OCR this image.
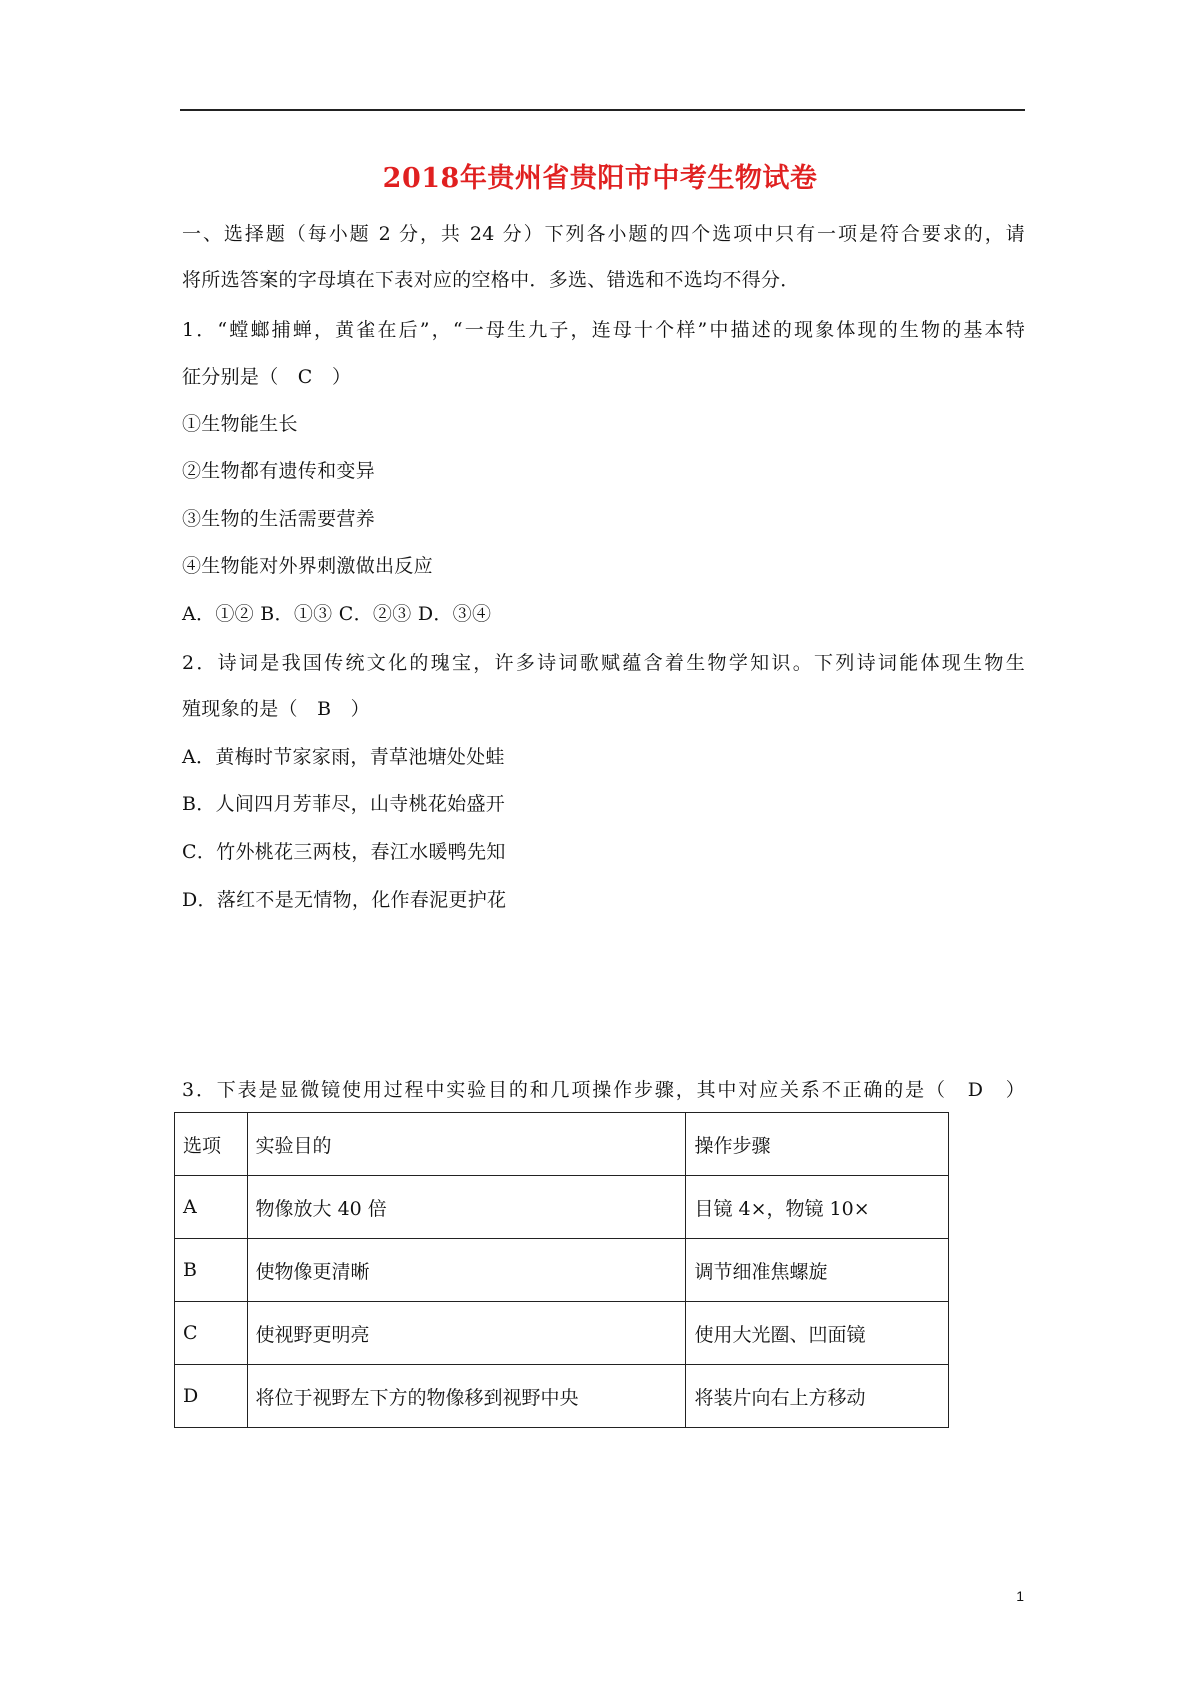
2018年贵州省贵阳市中考生物试卷
一、选择题（每小题 2 分，共 24 分）下列各小题的四个选项中只有一项是符合要求的，请
将所选答案的字母填在下表对应的空格中．多选、错选和不选均不得分．
1．“螳螂捕蝉，黄雀在后”，“一母生九子，连母十个样”中描述的现象体现的生物的基本特
征分别是（　C　）
①生物能生长
②生物都有遗传和变异
③生物的生活需要营养
④生物能对外界刺激做出反应
A．①② B．①③ C．②③ D．③④
2．诗词是我国传统文化的瑰宝，许多诗词歌赋蕴含着生物学知识。下列诗词能体现生物生
殖现象的是（　B　）
A．黄梅时节家家雨，青草池塘处处蛙
B．人间四月芳菲尽，山寺桃花始盛开
C．竹外桃花三两枝，春江水暖鸭先知
D．落红不是无情物，化作春泥更护花
3．下表是显微镜使用过程中实验目的和几项操作步骤，其中对应关系不正确的是（　D　）
选项	实验目的	操作步骤
A	物像放大 40 倍	目镜 4×，物镜 10×
B	使物像更清晰	调节细准焦螺旋
C	使视野更明亮	使用大光圈、凹面镜
D	将位于视野左下方的物像移到视野中央	将装片向右上方移动
1
